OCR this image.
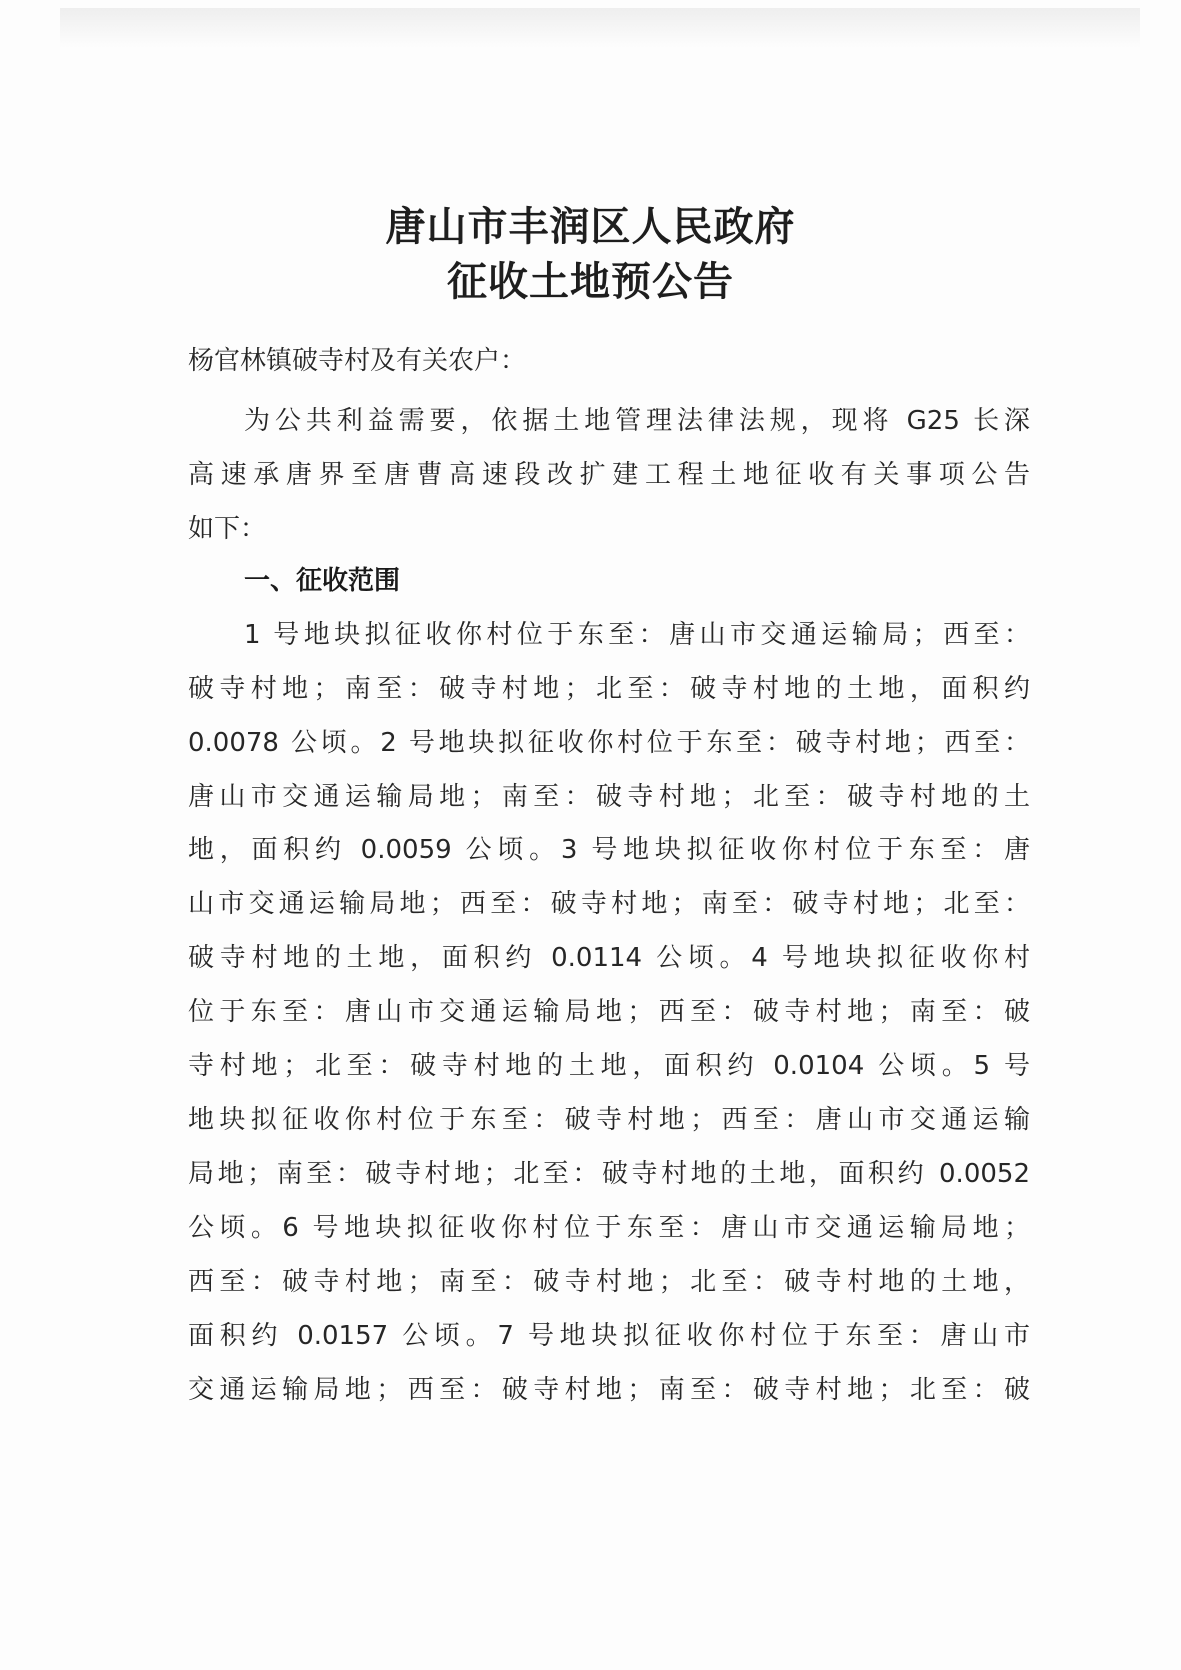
唐山市丰润区人民政府
征收土地预公告
杨官林镇破寺村及有关农户：
为公共利益需要，依据土地管理法律法规，现将 G25 长深
高速承唐界至唐曹高速段改扩建工程土地征收有关事项公告
如下：
一、征收范围
1 号地块拟征收你村位于东至：唐山市交通运输局；西至：
破寺村地；南至：破寺村地；北至：破寺村地的土地，面积约
0.0078 公顷。2 号地块拟征收你村位于东至：破寺村地；西至：
唐山市交通运输局地；南至：破寺村地；北至：破寺村地的土
地，面积约 0.0059 公顷。3 号地块拟征收你村位于东至：唐
山市交通运输局地；西至：破寺村地；南至：破寺村地；北至：
破寺村地的土地，面积约 0.0114 公顷。4 号地块拟征收你村
位于东至：唐山市交通运输局地；西至：破寺村地；南至：破
寺村地；北至：破寺村地的土地，面积约 0.0104 公顷。5 号
地块拟征收你村位于东至：破寺村地；西至：唐山市交通运输
局地；南至：破寺村地；北至：破寺村地的土地，面积约 0.0052
公顷。6 号地块拟征收你村位于东至：唐山市交通运输局地；
西至：破寺村地；南至：破寺村地；北至：破寺村地的土地，
面积约 0.0157 公顷。7 号地块拟征收你村位于东至：唐山市
交通运输局地；西至：破寺村地；南至：破寺村地；北至：破
